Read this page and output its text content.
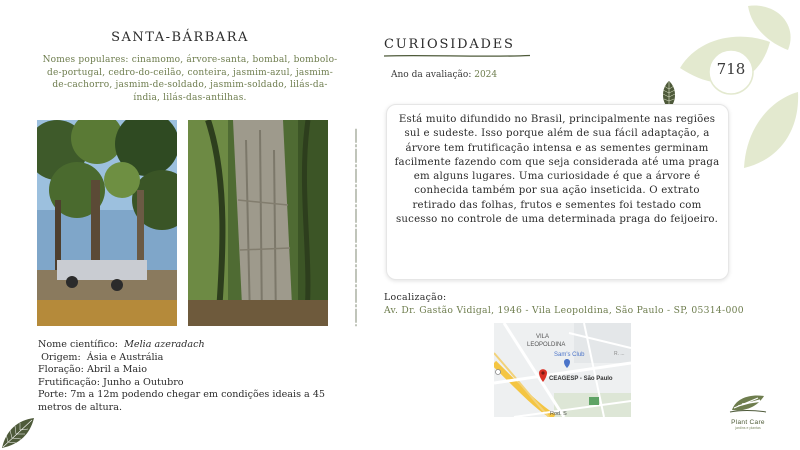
718
SANTA-BÁRBARA
Nomes populares: cinamomo, árvore-santa, bombal, bombolo-de-portugal, cedro-do-ceilão, conteira, jasmim-azul, jasmim-de-cachorro, jasmim-de-soldado, jasmim-soldado, lilás-da-índia, lilás-das-antilhas.
Nome científico: Melia azeradach
Origem: Ásia e Austrália
Floração: Abril a Maio
Frutificação: Junho a Outubro
Porte: 7m a 12m podendo chegar em condições ideais a 45 metros de altura.
CURIOSIDADES
Ano da avaliação: 2024
Está muito difundido no Brasil, principalmente nas regiões sul e sudeste. Isso porque além de sua fácil adaptação, a árvore tem frutificação intensa e as sementes germinam facilmente fazendo com que seja considerada até uma praga em alguns lugares. Uma curiosidade é que a árvore é conhecida também por sua ação inseticida. O extrato retirado das folhas, frutos e sementes foi testado com sucesso no controle de uma determinada praga do feijoeiro.
Localização:
Av. Dr. Gastão Vidigal, 1946 - Vila Leopoldina, São Paulo - SP, 05314-000
VILA
LEOPOLDINA
Sam's Club
CEAGESP - São Paulo
Rod. S
R. ...
Plant Care
jardins e plantas
